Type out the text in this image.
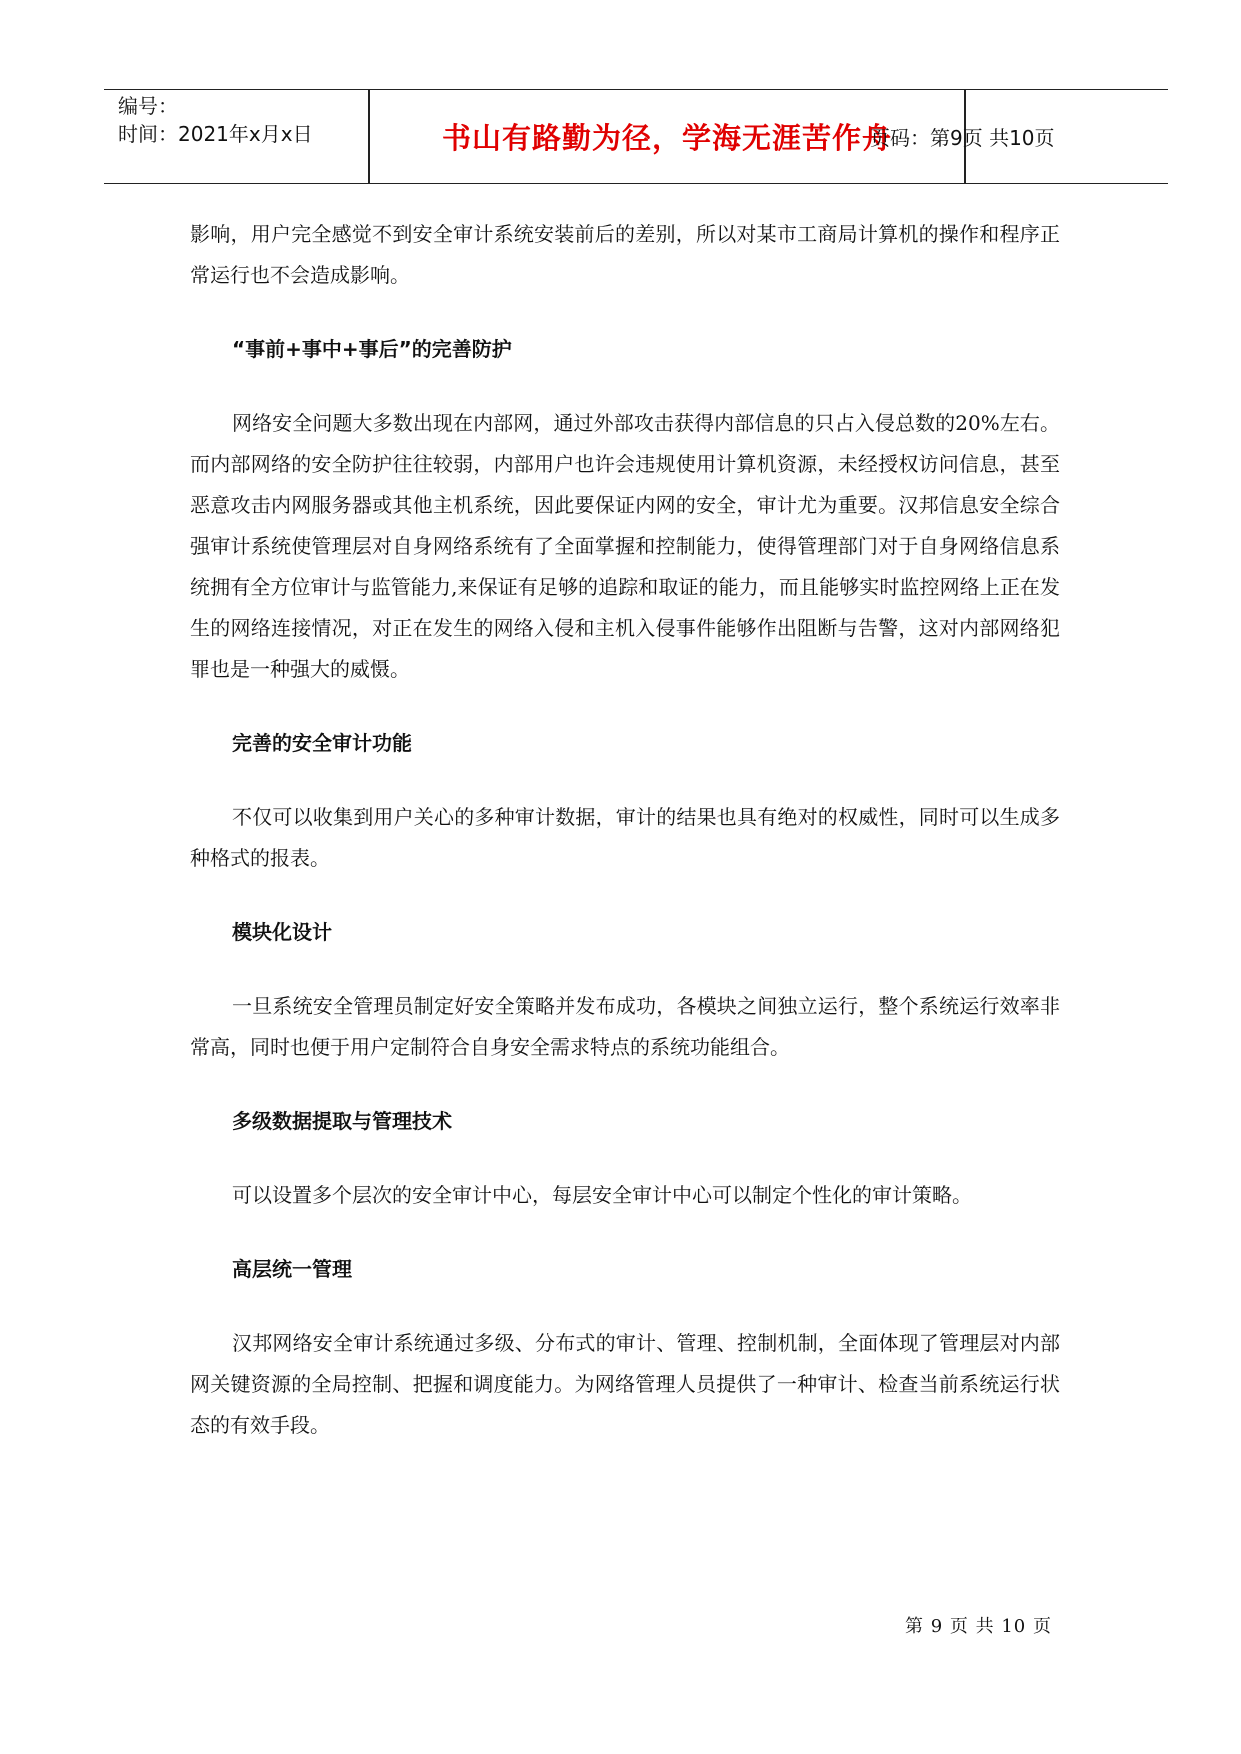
编号：
时间：2021年x月x日	书山有路勤为径，学海无涯苦作舟
页码：第9页 共10页

影响，用户完全感觉不到安全审计系统安装前后的差别，所以对某市工商局计算机的操作和程序正常运行也不会造成影响。

“事前+事中+事后”的完善防护

网络安全问题大多数出现在内部网，通过外部攻击获得内部信息的只占入侵总数的20%左右。而内部网络的安全防护往往较弱，内部用户也许会违规使用计算机资源，未经授权访问信息，甚至恶意攻击内网服务器或其他主机系统，因此要保证内网的安全，审计尤为重要。汉邦信息安全综合强审计系统使管理层对自身网络系统有了全面掌握和控制能力，使得管理部门对于自身网络信息系统拥有全方位审计与监管能力,来保证有足够的追踪和取证的能力，而且能够实时监控网络上正在发生的网络连接情况，对正在发生的网络入侵和主机入侵事件能够作出阻断与告警，这对内部网络犯罪也是一种强大的威慑。

完善的安全审计功能

不仅可以收集到用户关心的多种审计数据，审计的结果也具有绝对的权威性，同时可以生成多种格式的报表。

模块化设计

一旦系统安全管理员制定好安全策略并发布成功，各模块之间独立运行，整个系统运行效率非常高，同时也便于用户定制符合自身安全需求特点的系统功能组合。

多级数据提取与管理技术

可以设置多个层次的安全审计中心，每层安全审计中心可以制定个性化的审计策略。

高层统一管理

汉邦网络安全审计系统通过多级、分布式的审计、管理、控制机制，全面体现了管理层对内部网关键资源的全局控制、把握和调度能力。为网络管理人员提供了一种审计、检查当前系统运行状态的有效手段。

第 9 页 共 10 页
